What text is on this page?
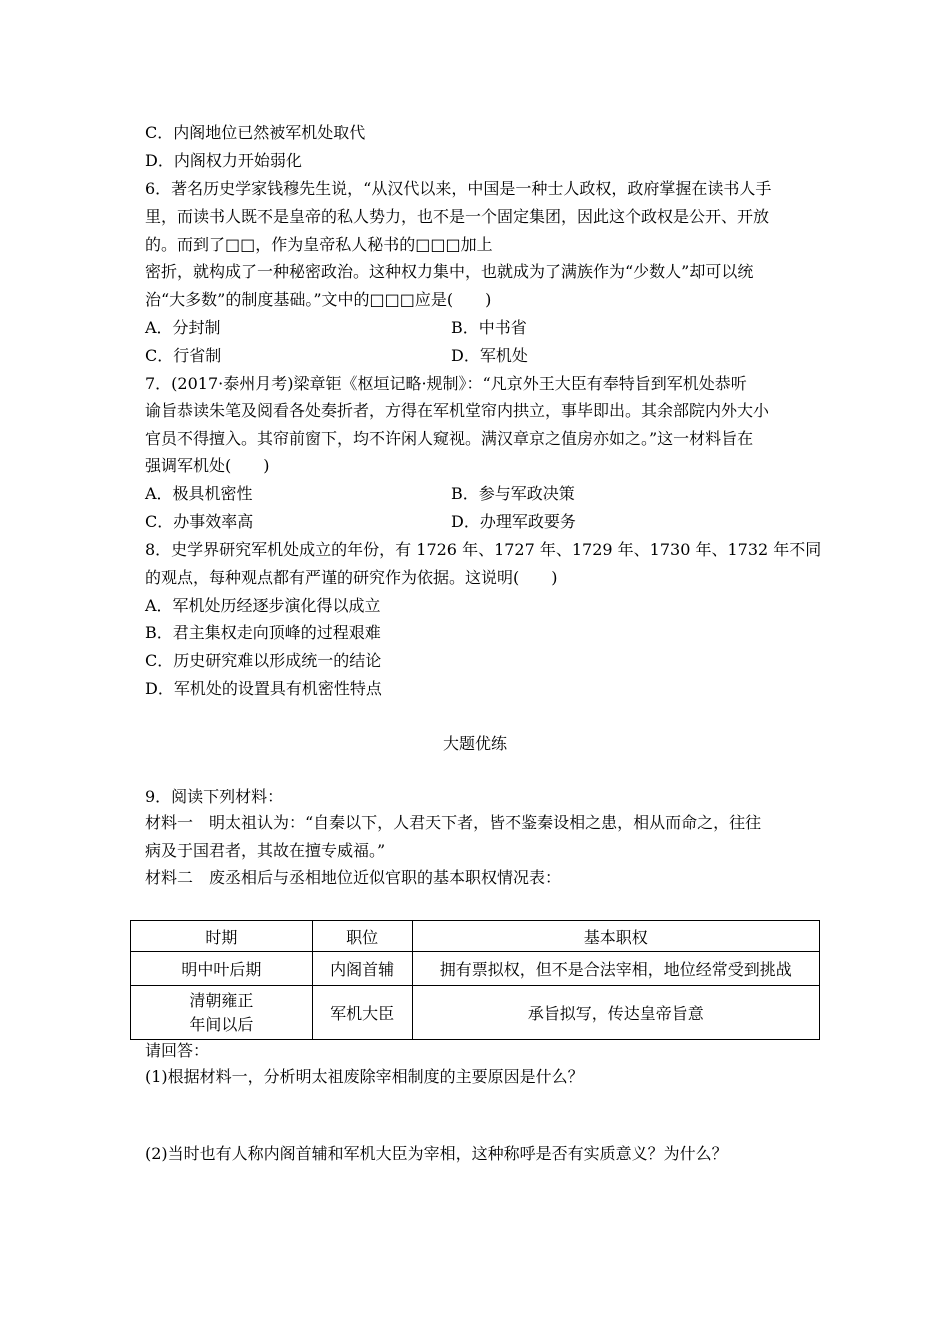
C．内阁地位已然被军机处取代
D．内阁权力开始弱化
6．著名历史学家钱穆先生说，“从汉代以来，中国是一种士人政权，政府掌握在读书人手
里，而读书人既不是皇帝的私人势力，也不是一个固定集团，因此这个政权是公开、开放
的。而到了□□，作为皇帝私人秘书的□□□加上
密折，就构成了一种秘密政治。这种权力集中，也就成为了满族作为“少数人”却可以统
治“大多数”的制度基础。”文中的□□□应是(　　)
A．分封制	B．中书省
C．行省制	D．军机处
7．(2017·泰州月考)梁章钜《枢垣记略·规制》：“凡京外王大臣有奉特旨到军机处恭听
谕旨恭读朱笔及阅看各处奏折者，方得在军机堂帘内拱立，事毕即出。其余部院内外大小
官员不得擅入。其帘前窗下，均不许闲人窥视。满汉章京之值房亦如之。”这一材料旨在
强调军机处(　　)
A．极具机密性	B．参与军政决策
C．办事效率高	D．办理军政要务
8．史学界研究军机处成立的年份，有 1726 年、1727 年、1729 年、1730 年、1732 年不同
的观点，每种观点都有严谨的研究作为依据。这说明(　　)
A．军机处历经逐步演化得以成立
B．君主集权走向顶峰的过程艰难
C．历史研究难以形成统一的结论
D．军机处的设置具有机密性特点
大题优练
9．阅读下列材料：
材料一　明太祖认为：“自秦以下，人君天下者，皆不鉴秦设相之患，相从而命之，往往
病及于国君者，其故在擅专威福。”
材料二　废丞相后与丞相地位近似官职的基本职权情况表：
时期	职位	基本职权
明中叶后期	内阁首辅	拥有票拟权，但不是合法宰相，地位经常受到挑战

清朝雍正
年间以后	军机大臣	承旨拟写，传达皇帝旨意
请回答：
(1)根据材料一，分析明太祖废除宰相制度的主要原因是什么？
(2)当时也有人称内阁首辅和军机大臣为宰相，这种称呼是否有实质意义？为什么？
